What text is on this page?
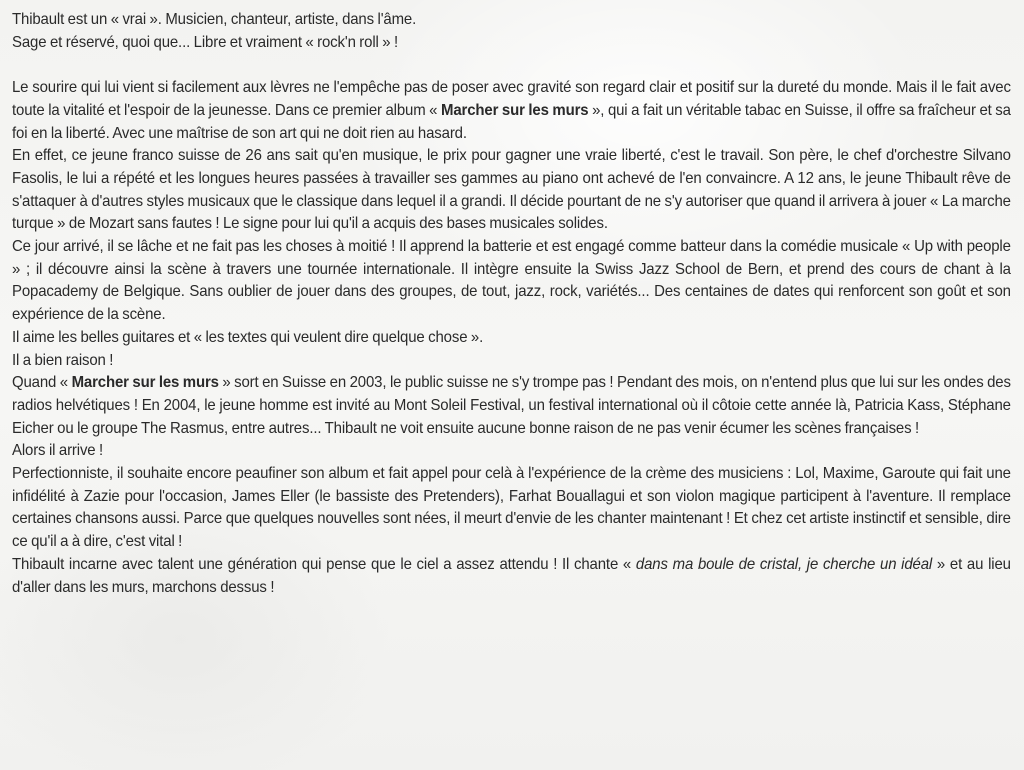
Thibault est un « vrai ». Musicien, chanteur, artiste, dans l'âme.

Sage et réservé, quoi que... Libre et vraiment « rock'n roll » !

Le sourire qui lui vient si facilement aux lèvres ne l'empêche pas de poser avec gravité son regard clair et positif sur la dureté du monde. Mais il le fait avec toute la vitalité et l'espoir de la jeunesse. Dans ce premier album « Marcher sur les murs », qui a fait un véritable tabac en Suisse, il offre sa fraîcheur et sa foi en la liberté. Avec une maîtrise de son art qui ne doit rien au hasard.

En effet, ce jeune franco suisse de 26 ans sait qu'en musique, le prix pour gagner une vraie liberté, c'est le travail. Son père, le chef d'orchestre Silvano Fasolis, le lui a répété et les longues heures passées à travailler ses gammes au piano ont achevé de l'en convaincre. A 12 ans, le jeune Thibault rêve de s'attaquer à d'autres styles musicaux que le classique dans lequel il a grandi. Il décide pourtant de ne s'y autoriser que quand il arrivera à jouer « La marche turque » de Mozart sans fautes ! Le signe pour lui qu'il a acquis des bases musicales solides.

Ce jour arrivé, il se lâche et ne fait pas les choses à moitié ! Il apprend la batterie et est engagé comme batteur dans la comédie musicale « Up with people » ; il découvre ainsi la scène à travers une tournée internationale. Il intègre ensuite la Swiss Jazz School de Bern, et prend des cours de chant à la Popacademy de Belgique. Sans oublier de jouer dans des groupes, de tout, jazz, rock, variétés... Des centaines de dates qui renforcent son goût et son expérience de la scène.

Il aime les belles guitares et « les textes qui veulent dire quelque chose ».

Il a bien raison !

Quand « Marcher sur les murs » sort en Suisse en 2003, le public suisse ne s'y trompe pas ! Pendant des mois, on n'entend plus que lui sur les ondes des radios helvétiques ! En 2004, le jeune homme est invité au Mont Soleil Festival, un festival international où il côtoie cette année là, Patricia Kass, Stéphane Eicher ou le groupe The Rasmus, entre autres... Thibault ne voit ensuite aucune bonne raison de ne pas venir écumer les scènes françaises !

Alors il arrive !

Perfectionniste, il souhaite encore peaufiner son album et fait appel pour celà à l'expérience de la crème des musiciens : Lol, Maxime, Garoute qui fait une infidélité à Zazie pour l'occasion, James Eller (le bassiste des Pretenders), Farhat Bouallagui et son violon magique participent à l'aventure. Il remplace certaines chansons aussi. Parce que quelques nouvelles sont nées, il meurt d'envie de les chanter maintenant ! Et chez cet artiste instinctif et sensible, dire ce qu'il a à dire, c'est vital !

Thibault incarne avec talent une génération qui pense que le ciel a assez attendu ! Il chante « dans ma boule de cristal, je cherche un idéal » et au lieu d'aller dans les murs, marchons dessus !
